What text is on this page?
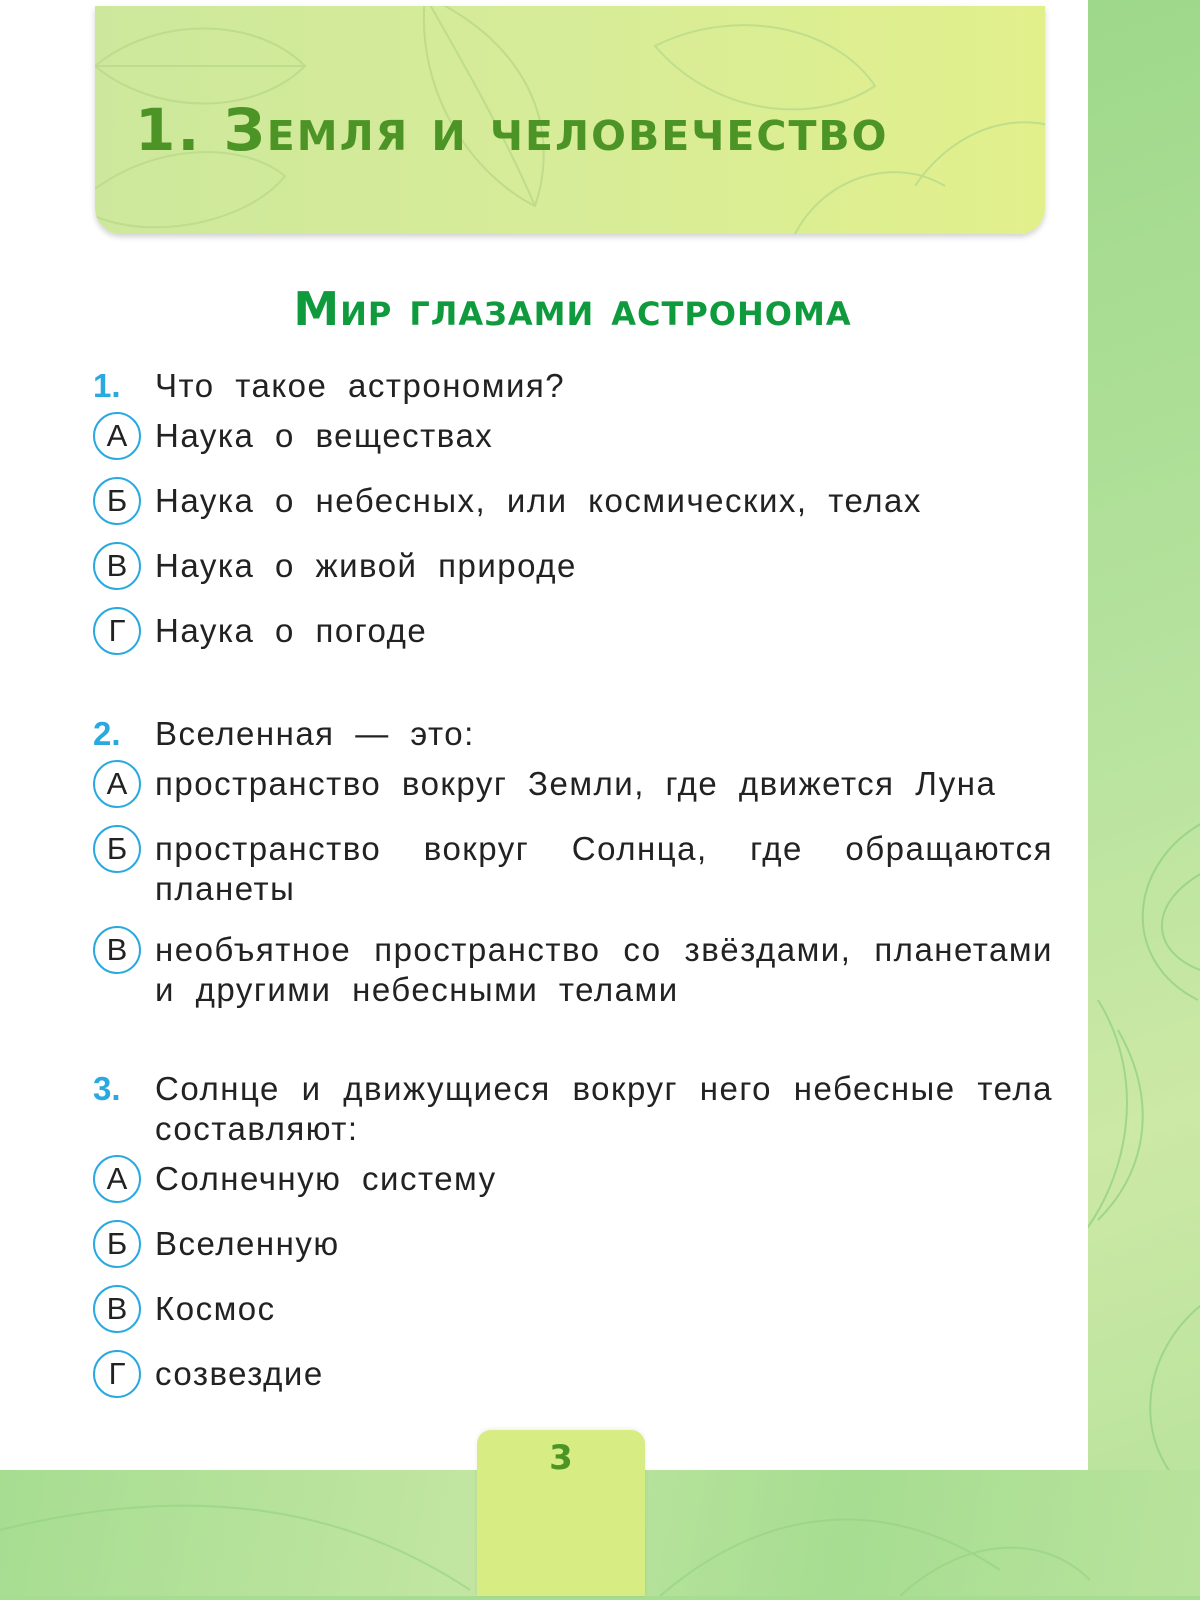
1. Земля и человечество
Мир глазами астронома
1.	Что такое астрономия?
А Наука о веществах
Б Наука о небесных, или космических, телах
В Наука о живой природе
Г Наука о погоде
2.	Вселенная — это:
А пространство вокруг Земли, где движется Луна
Б пространство вокруг Солнца, где обращаются планеты
В необъятное пространство со звёздами, планетами и другими небесными телами
3.	Солнце и движущиеся вокруг него небесные тела составляют:
А Солнечную систему
Б Вселенную
В Космос
Г созвездие
3
